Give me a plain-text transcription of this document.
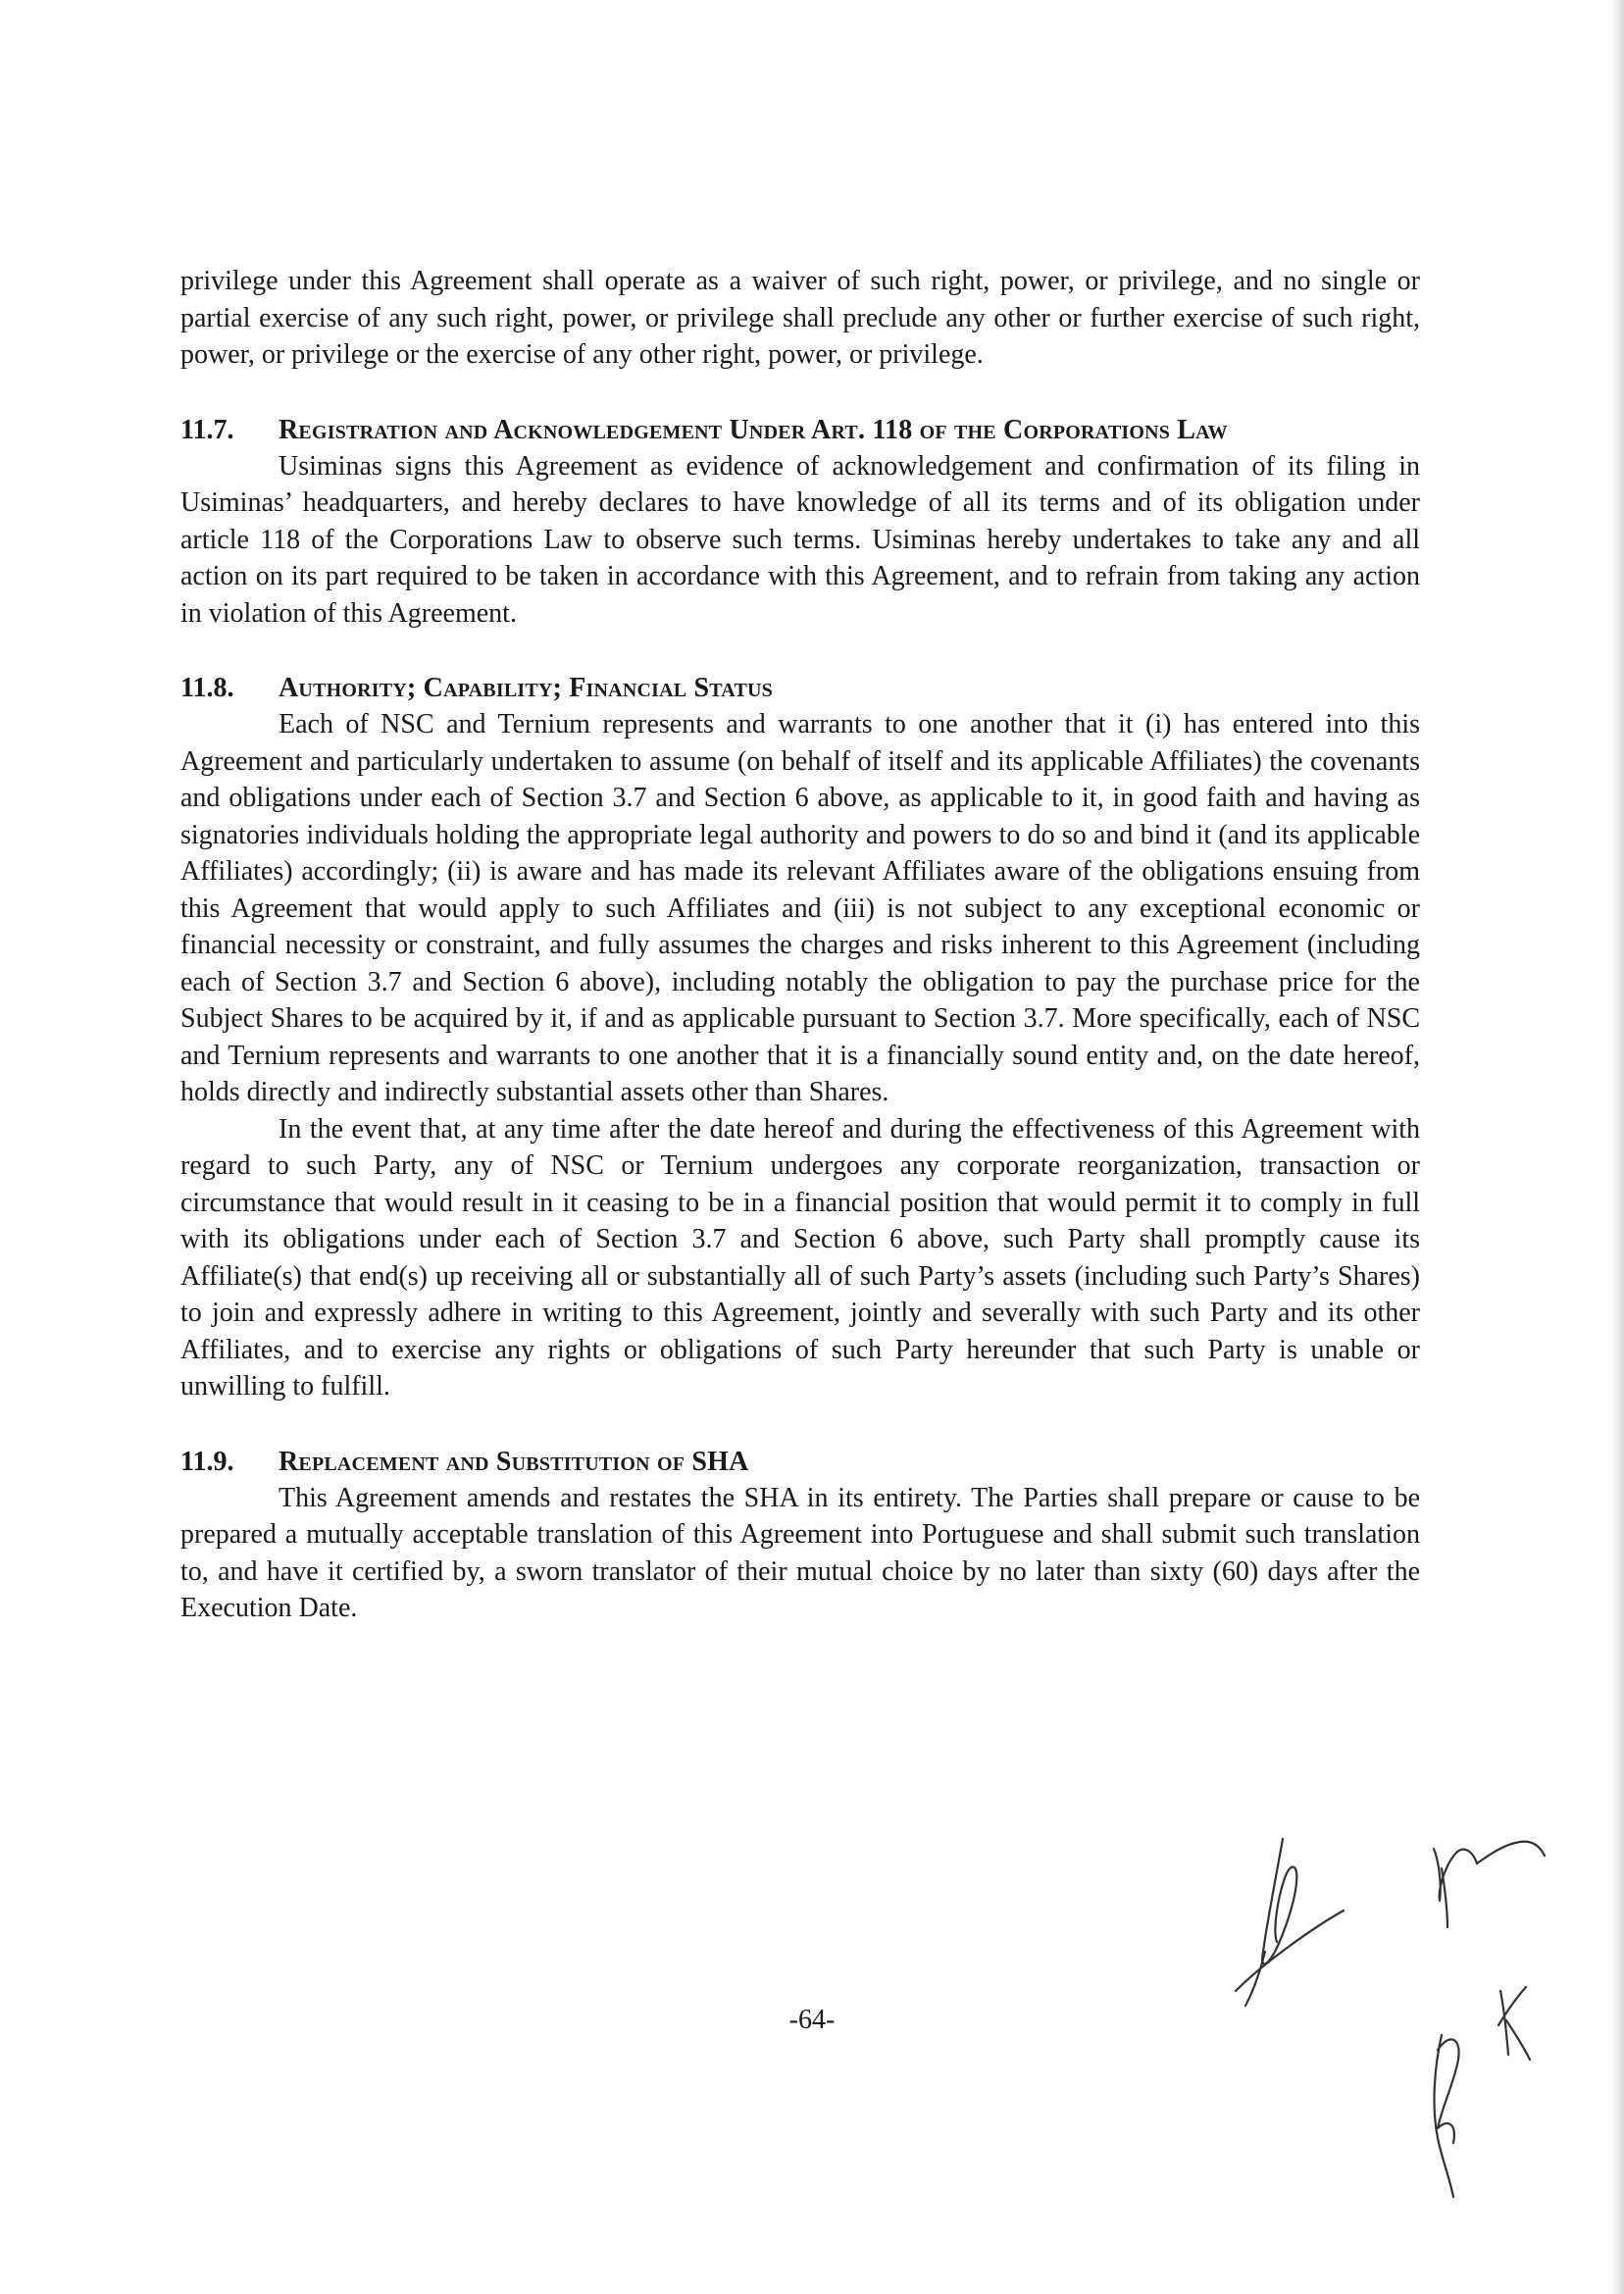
privilege under this Agreement shall operate as a waiver of such right, power, or privilege, and no single or partial exercise of any such right, power, or privilege shall preclude any other or further exercise of such right, power, or privilege or the exercise of any other right, power, or privilege.

11.7.	Registration and Acknowledgement Under Art. 118 of the Corporations Law

Usiminas signs this Agreement as evidence of acknowledgement and confirmation of its filing in Usiminas’ headquarters, and hereby declares to have knowledge of all its terms and of its obligation under article 118 of the Corporations Law to observe such terms. Usiminas hereby undertakes to take any and all action on its part required to be taken in accordance with this Agreement, and to refrain from taking any action in violation of this Agreement.

11.8.	Authority; Capability; Financial Status

Each of NSC and Ternium represents and warrants to one another that it (i) has entered into this Agreement and particularly undertaken to assume (on behalf of itself and its applicable Affiliates) the covenants and obligations under each of Section 3.7 and Section 6 above, as applicable to it, in good faith and having as signatories individuals holding the appropriate legal authority and powers to do so and bind it (and its applicable Affiliates) accordingly; (ii) is aware and has made its relevant Affiliates aware of the obligations ensuing from this Agreement that would apply to such Affiliates and (iii) is not subject to any exceptional economic or financial necessity or constraint, and fully assumes the charges and risks inherent to this Agreement (including each of Section 3.7 and Section 6 above), including notably the obligation to pay the purchase price for the Subject Shares to be acquired by it, if and as applicable pursuant to Section 3.7. More specifically, each of NSC and Ternium represents and warrants to one another that it is a financially sound entity and, on the date hereof, holds directly and indirectly substantial assets other than Shares.

In the event that, at any time after the date hereof and during the effectiveness of this Agreement with regard to such Party, any of NSC or Ternium undergoes any corporate reorganization, transaction or circumstance that would result in it ceasing to be in a financial position that would permit it to comply in full with its obligations under each of Section 3.7 and Section 6 above, such Party shall promptly cause its Affiliate(s) that end(s) up receiving all or substantially all of such Party’s assets (including such Party’s Shares) to join and expressly adhere in writing to this Agreement, jointly and severally with such Party and its other Affiliates, and to exercise any rights or obligations of such Party hereunder that such Party is unable or unwilling to fulfill.

11.9.	Replacement and Substitution of SHA

This Agreement amends and restates the SHA in its entirety. The Parties shall prepare or cause to be prepared a mutually acceptable translation of this Agreement into Portuguese and shall submit such translation to, and have it certified by, a sworn translator of their mutual choice by no later than sixty (60) days after the Execution Date.

-64-
